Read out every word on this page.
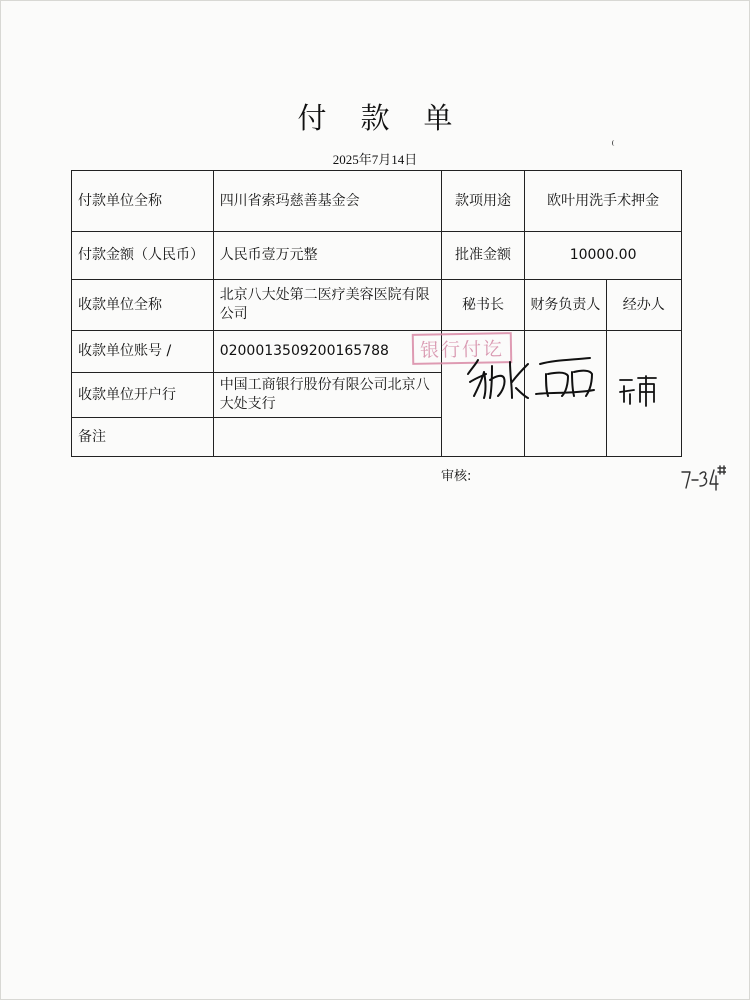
付款单
2025年7月14日
付款单位全称	四川省索玛慈善基金会	款项用途	欧叶用洗手术押金	
付款金额（人民币）	人民币壹万元整	批准金额	10000.00	
收款单位全称	北京八大处第二医疗美容医院有限公司	秘书长	财务负责人	经办人
收款单位账号 /	0200013509200165788			
收款单位开户行	中国工商银行股份有限公司北京八大处支行			
备注				
银行付讫
审核:
